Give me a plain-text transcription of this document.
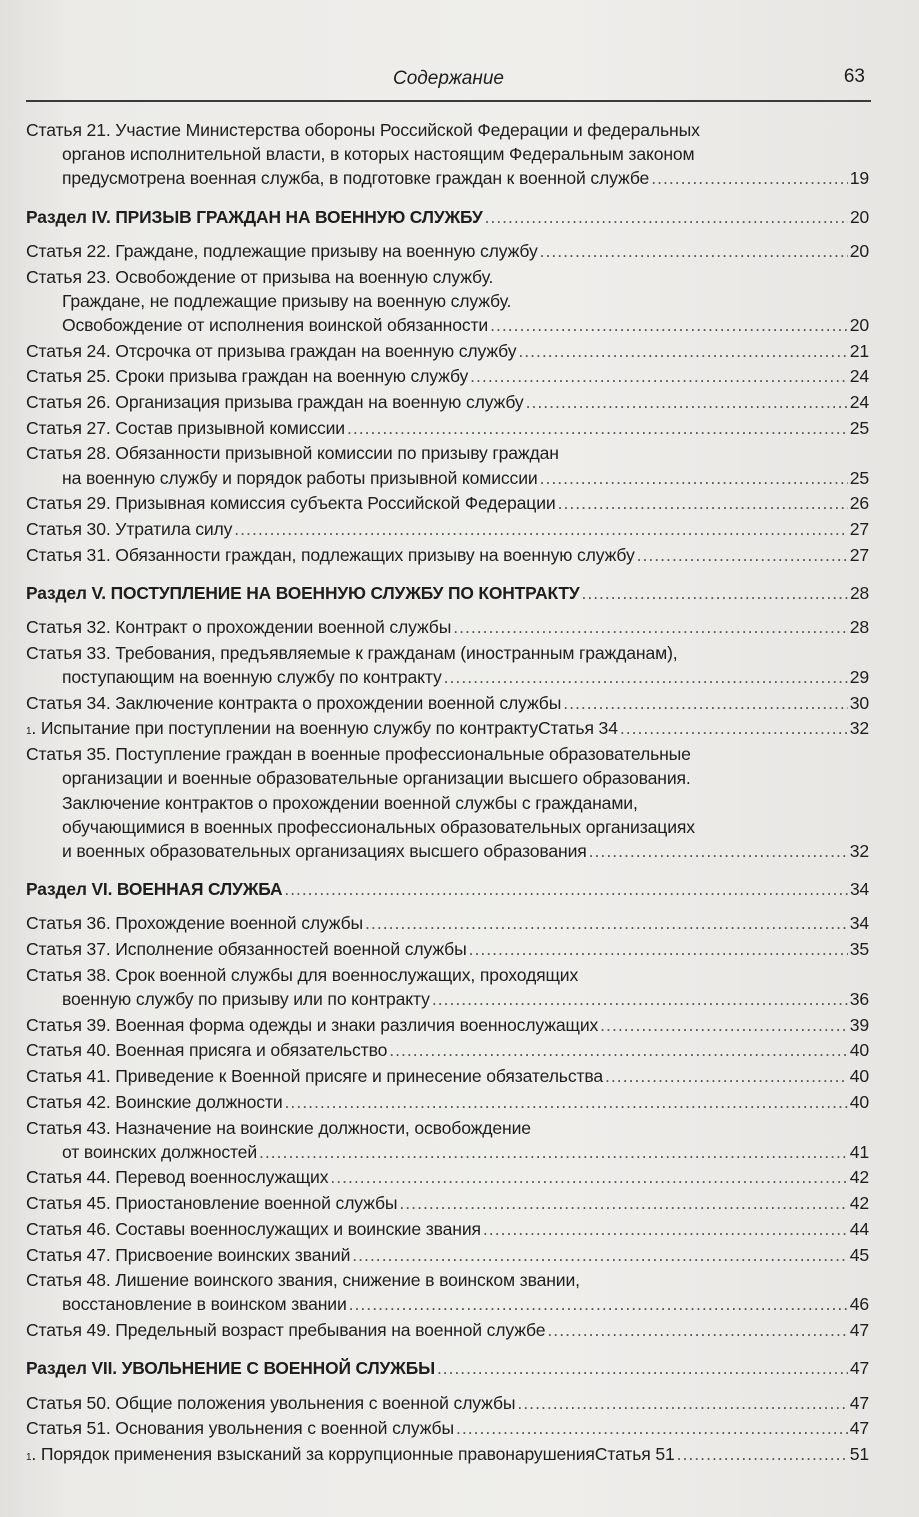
Содержание	63
Статья 21. Участие Министерства обороны Российской Федерации и федеральных
органов исполнительной власти, в которых настоящим Федеральным законом
предусмотрена военная служба, в подготовке граждан к военной службе .....	19
Раздел IV. ПРИЗЫВ ГРАЖДАН НА ВОЕННУЮ СЛУЖБУ .....	20
Статья 22. Граждане, подлежащие призыву на военную службу .....	20
Статья 23. Освобождение от призыва на военную службу.
Граждане, не подлежащие призыву на военную службу.
Освобождение от исполнения воинской обязанности .....	20
Статья 24. Отсрочка от призыва граждан на военную службу .....	21
Статья 25. Сроки призыва граждан на военную службу .....	24
Статья 26. Организация призыва граждан на военную службу .....	24
Статья 27. Состав призывной комиссии .....	25
Статья 28. Обязанности призывной комиссии по призыву граждан
на военную службу и порядок работы призывной комиссии .....	25
Статья 29. Призывная комиссия субъекта Российской Федерации .....	26
Статья 30. Утратила силу .....	27
Статья 31. Обязанности граждан, подлежащих призыву на военную службу .....	27
Раздел V. ПОСТУПЛЕНИЕ НА ВОЕННУЮ СЛУЖБУ ПО КОНТРАКТУ .....	28
Статья 32. Контракт о прохождении военной службы .....	28
Статья 33. Требования, предъявляемые к гражданам (иностранным гражданам),
поступающим на военную службу по контракту .....	29
Статья 34. Заключение контракта о прохождении военной службы .....	30
1 . Испытание при поступлении на военную службу по контракту Статья 34 .....	32
Статья 35. Поступление граждан в военные профессиональные образовательные
организации и военные образовательные организации высшего образования.
Заключение контрактов о прохождении военной службы с гражданами,
обучающимися в военных профессиональных образовательных организациях
и военных образовательных организациях высшего образования .....	32
Раздел VI. ВОЕННАЯ СЛУЖБА .....	34
Статья 36. Прохождение военной службы .....	34
Статья 37. Исполнение обязанностей военной службы .....	35
Статья 38. Срок военной службы для военнослужащих, проходящих
военную службу по призыву или по контракту .....	36
Статья 39. Военная форма одежды и знаки различия военнослужащих .....	39
Статья 40. Военная присяга и обязательство .....	40
Статья 41. Приведение к Военной присяге и принесение обязательства .....	40
Статья 42. Воинские должности .....	40
Статья 43. Назначение на воинские должности, освобождение
от воинских должностей .....	41
Статья 44. Перевод военнослужащих .....	42
Статья 45. Приостановление военной службы .....	42
Статья 46. Составы военнослужащих и воинские звания .....	44
Статья 47. Присвоение воинских званий .....	45
Статья 48. Лишение воинского звания, снижение в воинском звании,
восстановление в воинском звании .....	46
Статья 49. Предельный возраст пребывания на военной службе .....	47
Раздел VII. УВОЛЬНЕНИЕ С ВОЕННОЙ СЛУЖБЫ .....	47
Статья 50. Общие положения увольнения с военной службы .....	47
Статья 51. Основания увольнения с военной службы .....	47
1 . Порядок применения взысканий за коррупционные правонарушения Статья 51 .....	51
